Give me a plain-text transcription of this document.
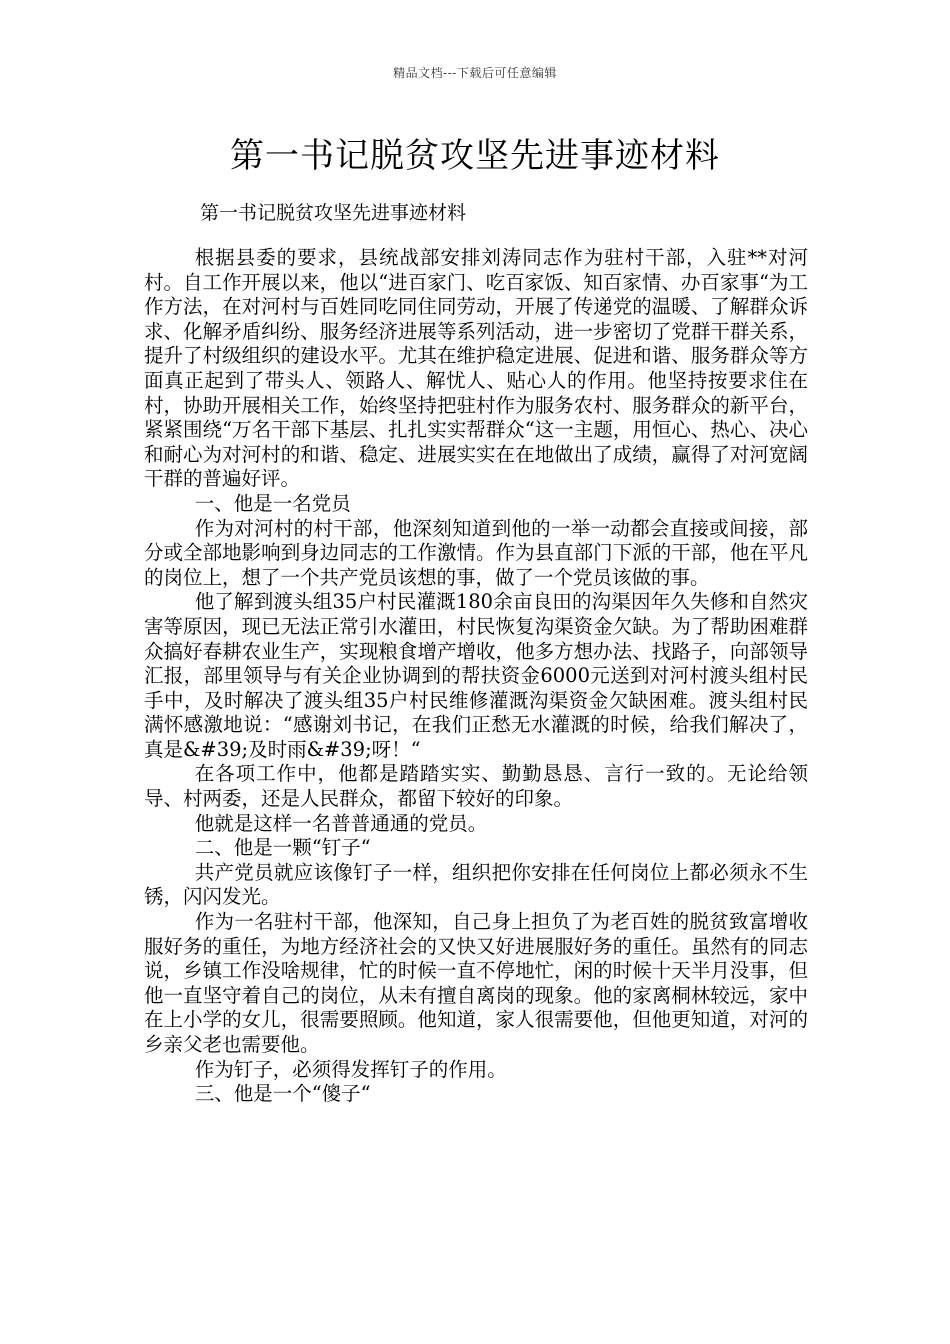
精品文档---下载后可任意编辑
第一书记脱贫攻坚先进事迹材料

第一书记脱贫攻坚先进事迹材料

根据县委的要求，县统战部安排刘涛同志作为驻村干部，入驻**对河村。自工作开展以来，他以“进百家门、吃百家饭、知百家情、办百家事“为工作方法，在对河村与百姓同吃同住同劳动，开展了传递党的温暖、了解群众诉求、化解矛盾纠纷、服务经济进展等系列活动，进一步密切了党群干群关系，提升了村级组织的建设水平。尤其在维护稳定进展、促进和谐、服务群众等方面真正起到了带头人、领路人、解忧人、贴心人的作用。他坚持按要求住在村，协助开展相关工作，始终坚持把驻村作为服务农村、服务群众的新平台，紧紧围绕“万名干部下基层、扎扎实实帮群众“这一主题，用恒心、热心、决心和耐心为对河村的和谐、稳定、进展实实在在地做出了成绩，赢得了对河宽阔干群的普遍好评。

一、他是一名党员

作为对河村的村干部，他深刻知道到他的一举一动都会直接或间接，部分或全部地影响到身边同志的工作激情。作为县直部门下派的干部，他在平凡的岗位上，想了一个共产党员该想的事，做了一个党员该做的事。

他了解到渡头组35户村民灌溉180余亩良田的沟渠因年久失修和自然灾害等原因，现已无法正常引水灌田，村民恢复沟渠资金欠缺。为了帮助困难群众搞好春耕农业生产，实现粮食增产增收，他多方想办法、找路子，向部领导汇报，部里领导与有关企业协调到的帮扶资金6000元送到对河村渡头组村民手中，及时解决了渡头组35户村民维修灌溉沟渠资金欠缺困难。渡头组村民满怀感激地说：“感谢刘书记，在我们正愁无水灌溉的时候，给我们解决了，真是&#39;及时雨&#39;呀！“

在各项工作中，他都是踏踏实实、勤勤恳恳、言行一致的。无论给领导、村两委，还是人民群众，都留下较好的印象。

他就是这样一名普普通通的党员。

二、他是一颗“钉子“

共产党员就应该像钉子一样，组织把你安排在任何岗位上都必须永不生锈，闪闪发光。

作为一名驻村干部，他深知，自己身上担负了为老百姓的脱贫致富增收服好务的重任，为地方经济社会的又快又好进展服好务的重任。虽然有的同志说，乡镇工作没啥规律，忙的时候一直不停地忙，闲的时候十天半月没事，但他一直坚守着自己的岗位，从未有擅自离岗的现象。他的家离桐林较远，家中在上小学的女儿，很需要照顾。他知道，家人很需要他，但他更知道，对河的乡亲父老也需要他。

作为钉子，必须得发挥钉子的作用。

三、他是一个“傻子“
